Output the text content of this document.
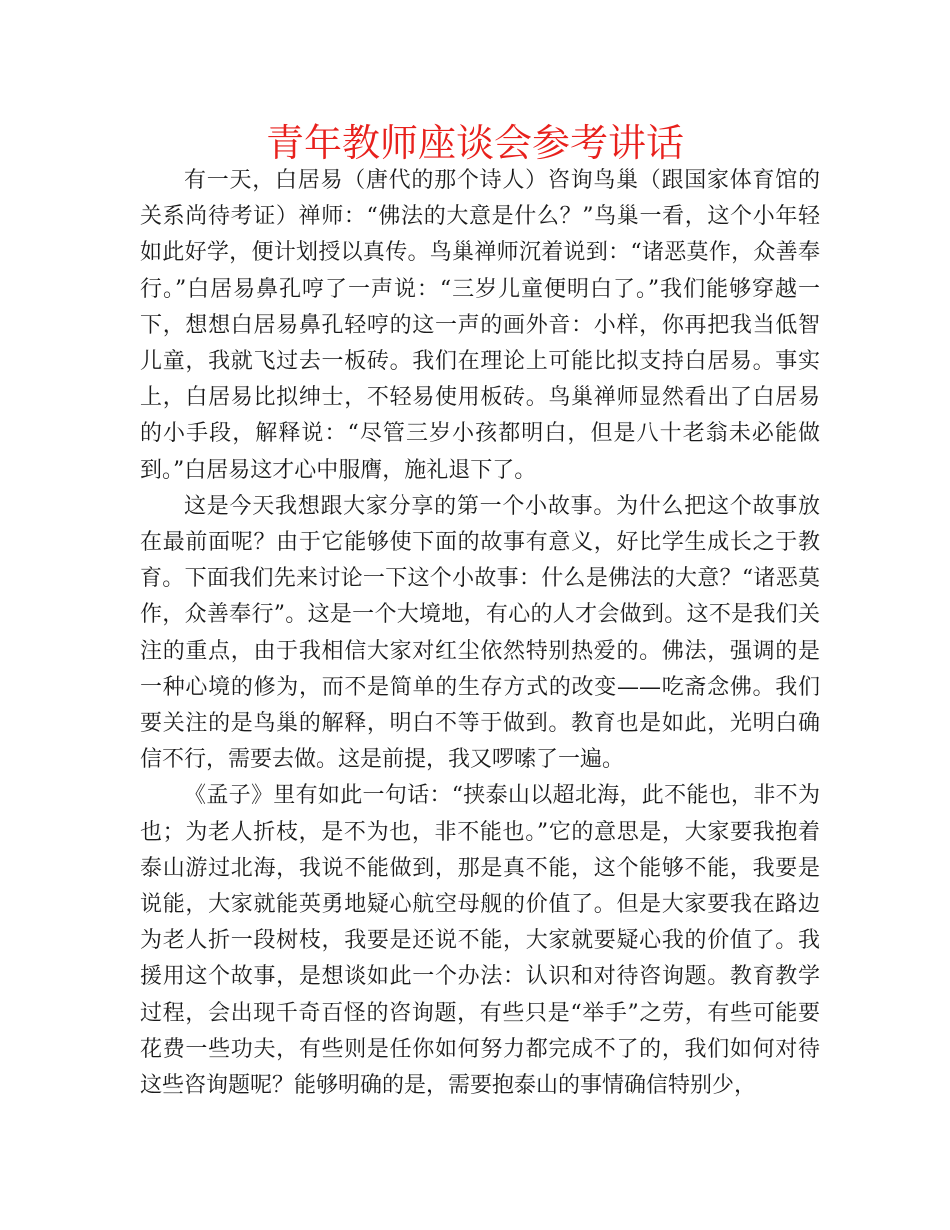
青年教师座谈会参考讲话

有一天，白居易（唐代的那个诗人）咨询鸟巢（跟国家体育馆的关系尚待考证）禅师：“佛法的大意是什么？”鸟巢一看，这个小年轻如此好学，便计划授以真传。鸟巢禅师沉着说到：“诸恶莫作，众善奉行。”白居易鼻孔哼了一声说：“三岁儿童便明白了。”我们能够穿越一下，想想白居易鼻孔轻哼的这一声的画外音：小样，你再把我当低智儿童，我就飞过去一板砖。我们在理论上可能比拟支持白居易。事实上，白居易比拟绅士，不轻易使用板砖。鸟巢禅师显然看出了白居易的小手段，解释说：“尽管三岁小孩都明白，但是八十老翁未必能做到。”白居易这才心中服膺，施礼退下了。

这是今天我想跟大家分享的第一个小故事。为什么把这个故事放在最前面呢？由于它能够使下面的故事有意义，好比学生成长之于教育。下面我们先来讨论一下这个小故事：什么是佛法的大意？“诸恶莫作，众善奉行”。这是一个大境地，有心的人才会做到。这不是我们关注的重点，由于我相信大家对红尘依然特别热爱的。佛法，强调的是一种心境的修为，而不是简单的生存方式的改变——吃斋念佛。我们要关注的是鸟巢的解释，明白不等于做到。教育也是如此，光明白确信不行，需要去做。这是前提，我又啰嗦了一遍。

《孟子》里有如此一句话：“挟泰山以超北海，此不能也，非不为也；为老人折枝，是不为也，非不能也。”它的意思是，大家要我抱着泰山游过北海，我说不能做到，那是真不能，这个能够不能，我要是说能，大家就能英勇地疑心航空母舰的价值了。但是大家要我在路边为老人折一段树枝，我要是还说不能，大家就要疑心我的价值了。我援用这个故事，是想谈如此一个办法：认识和对待咨询题。教育教学过程，会出现千奇百怪的咨询题，有些只是“举手”之劳，有些可能要花费一些功夫，有些则是任你如何努力都完成不了的，我们如何对待这些咨询题呢？能够明确的是，需要抱泰山的事情确信特别少，
